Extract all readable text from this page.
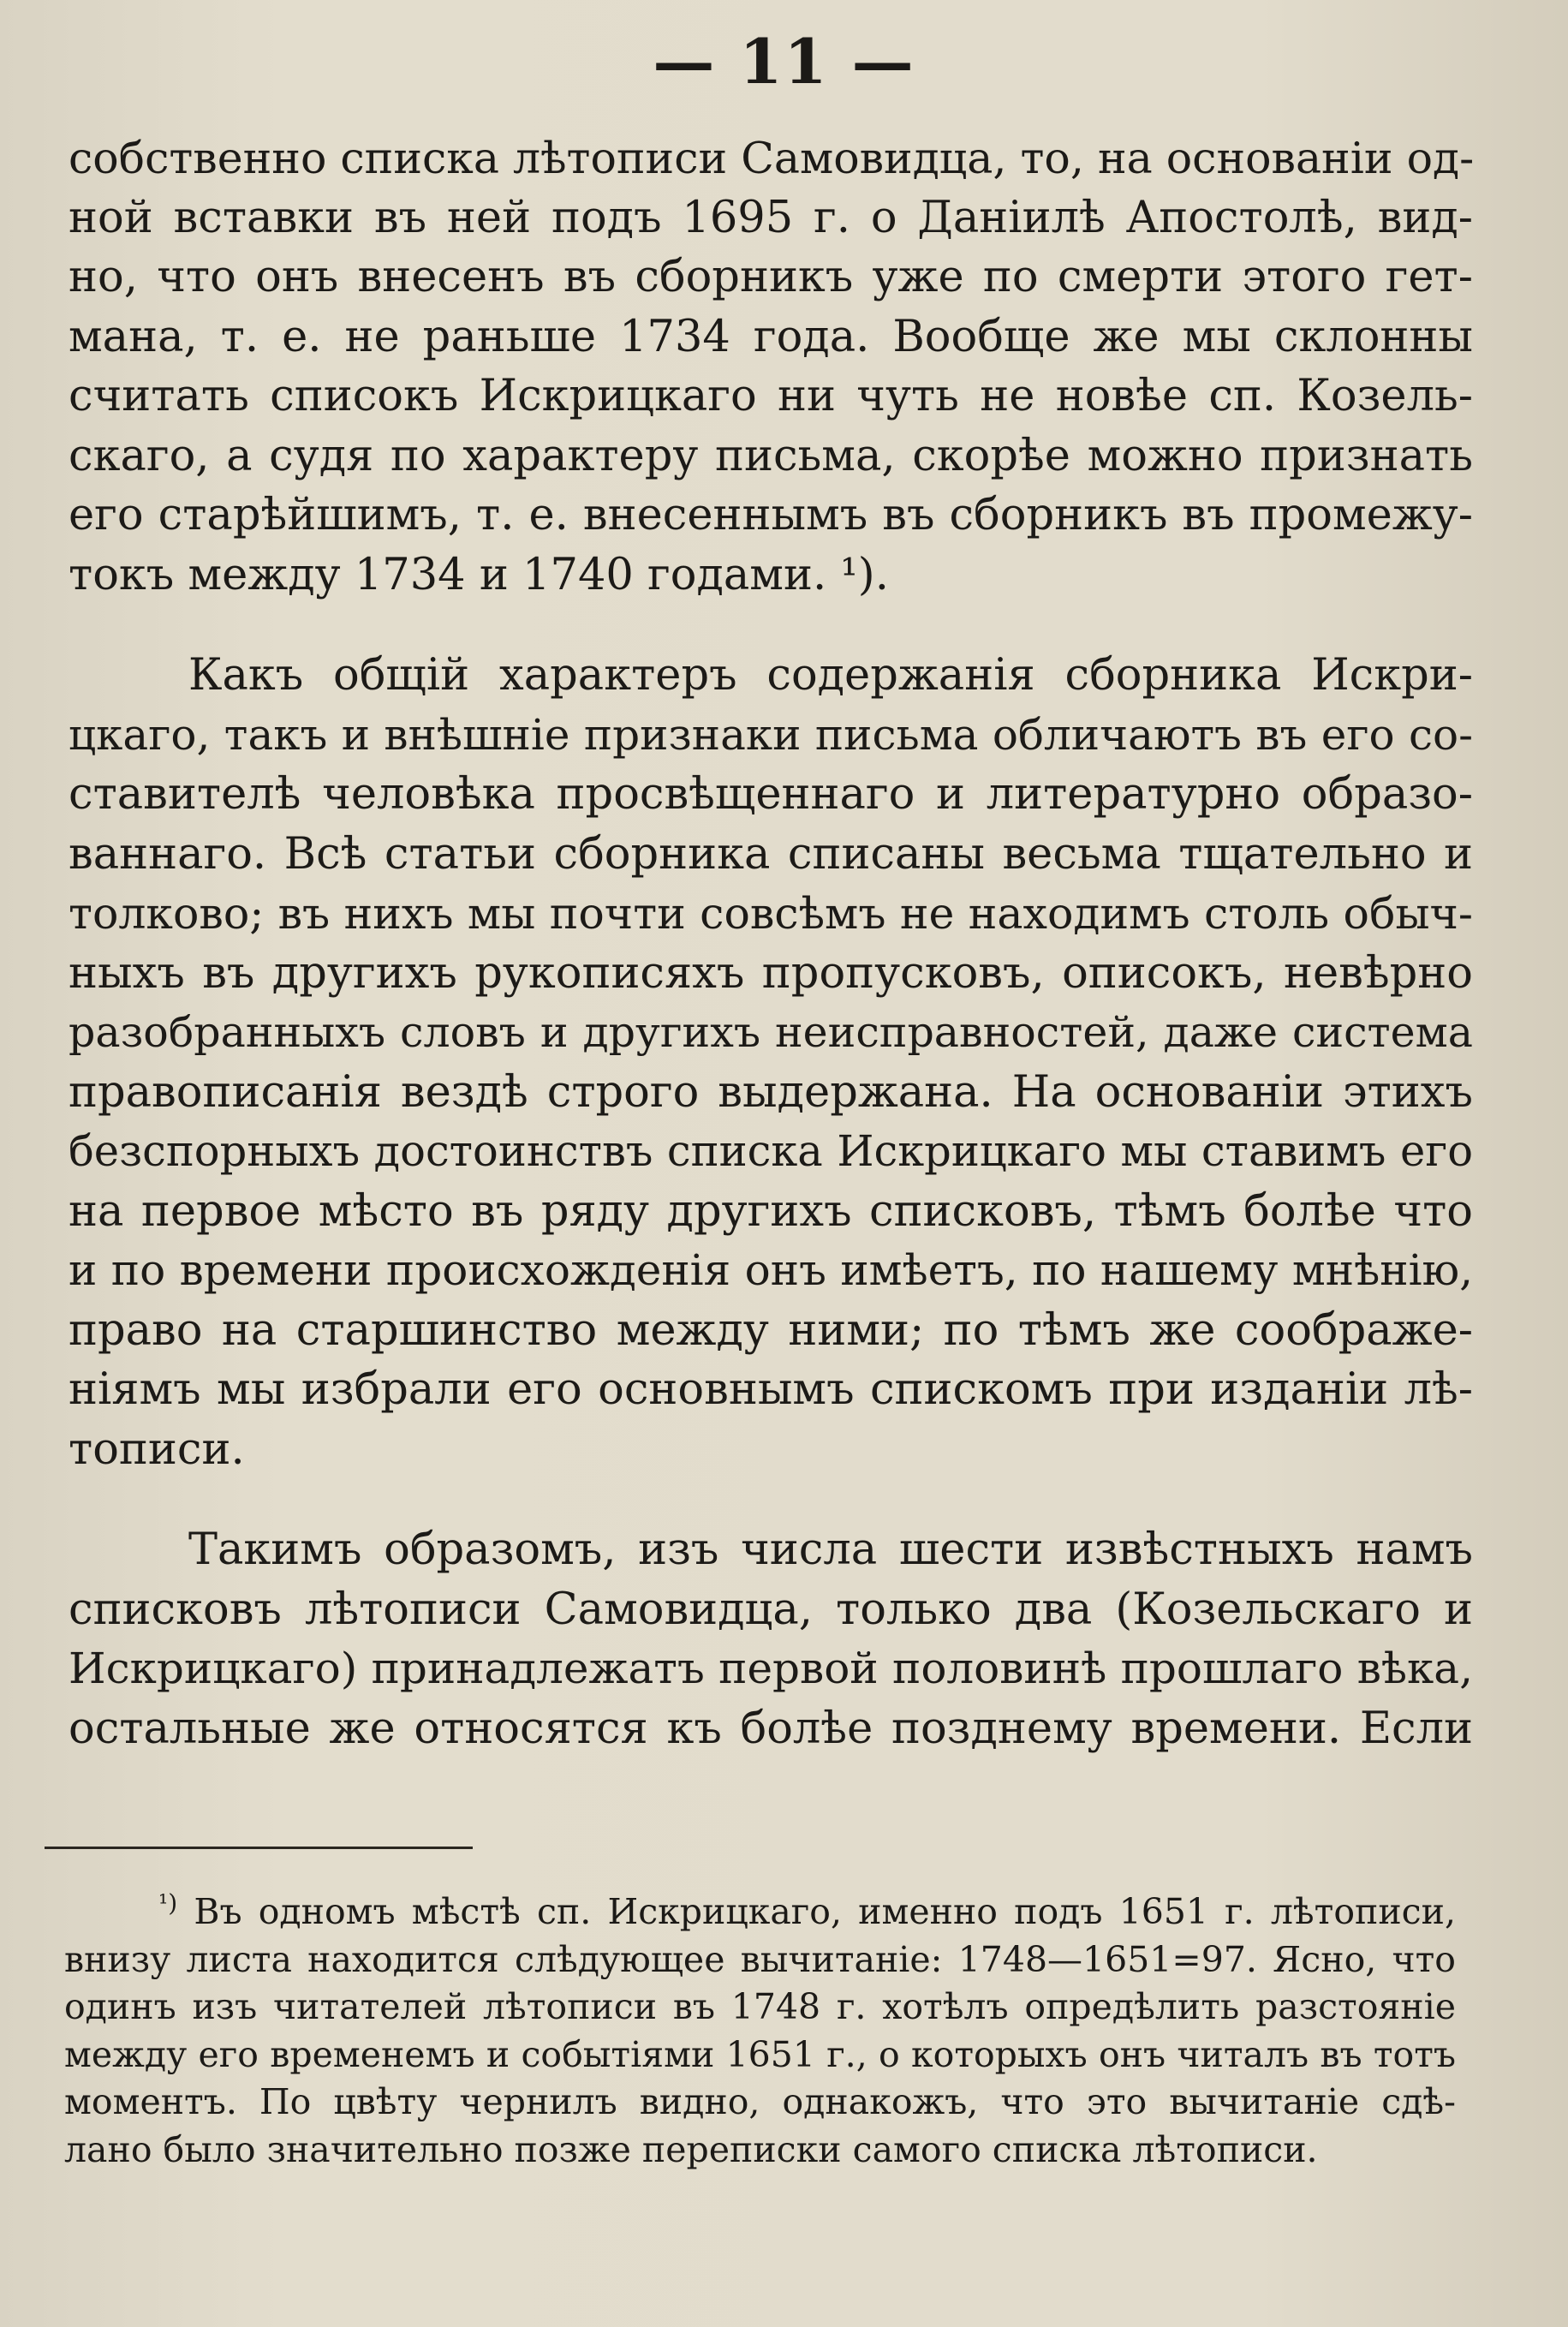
— 11 —
собственно списка лѣтописи Самовидца, то, на основаніи од-
ной вставки въ ней подъ 1695 г. о Даніилѣ Апостолѣ, вид-
но, что онъ внесенъ въ сборникъ уже по смерти этого гет-
мана, т. е. не раньше 1734 года. Вообще же мы склонны
считать списокъ Искрицкаго ни чуть не новѣе сп. Козель-
скаго, а судя по характеру письма, скорѣе можно признать
его старѣйшимъ, т. е. внесеннымъ въ сборникъ въ промежу-
токъ между 1734 и 1740 годами. ¹).
Какъ общій характеръ содержанія сборника Искри-
цкаго, такъ и внѣшніе признаки письма обличаютъ въ его со-
ставителѣ человѣка просвѣщеннаго и литературно образо-
ваннаго. Всѣ статьи сборника списаны весьма тщательно и
толково; въ нихъ мы почти совсѣмъ не находимъ столь обыч-
ныхъ въ другихъ рукописяхъ пропусковъ, описокъ, невѣрно
разобранныхъ словъ и другихъ неисправностей, даже система
правописанія вездѣ строго выдержана. На основаніи этихъ
безспорныхъ достоинствъ списка Искрицкаго мы ставимъ его
на первое мѣсто въ ряду другихъ списковъ, тѣмъ болѣе что
и по времени происхожденія онъ имѣетъ, по нашему мнѣнію,
право на старшинство между ними; по тѣмъ же соображе-
ніямъ мы избрали его основнымъ спискомъ при изданіи лѣ-
тописи.
Такимъ образомъ, изъ числа шести извѣстныхъ намъ
списковъ лѣтописи Самовидца, только два (Козельскаго и
Искрицкаго) принадлежатъ первой половинѣ прошлаго вѣка,
остальные же относятся къ болѣе позднему времени. Если
$^{^1)}$ Въ одномъ мѣстѣ сп. Искрицкаго, именно подъ 1651 г. лѣтописи,
внизу листа находится слѣдующее вычитаніе: 1748—1651=97. Ясно, что
одинъ изъ читателей лѣтописи въ 1748 г. хотѣлъ опредѣлить разстояніе
между его временемъ и событіями 1651 г., о которыхъ онъ читалъ въ тотъ
моментъ. По цвѣту чернилъ видно, однакожъ, что это вычитаніе сдѣ-
лано было значительно позже переписки самого списка лѣтописи.
